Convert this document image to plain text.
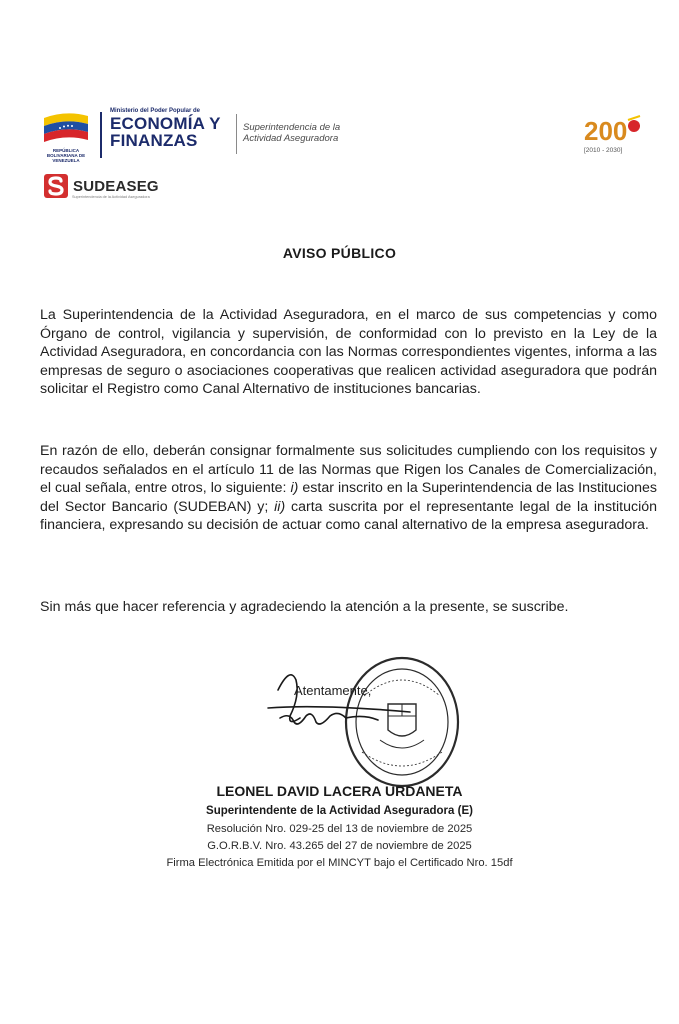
REPÚBLICA BOLIVARIANA DE VENEZUELA
Ministerio del Poder Popular de
ECONOMÍA Y
FINANZAS
Superintendencia de la
Actividad Aseguradora
SUDEASEG
Superintendencia de la Actividad Aseguradora
200
[2010 - 2030]
AVISO PÚBLICO

La Superintendencia de la Actividad Aseguradora, en el marco de sus competencias y como Órgano de control, vigilancia y supervisión, de conformidad con lo previsto en la Ley de la Actividad Aseguradora, en concordancia con las Normas correspondientes vigentes, informa a las empresas de seguro o asociaciones cooperativas que realicen actividad aseguradora que podrán solicitar el Registro como Canal Alternativo de instituciones bancarias.

En razón de ello, deberán consignar formalmente sus solicitudes cumpliendo con los requisitos y recaudos señalados en el artículo 11 de las Normas que Rigen los Canales de Comercialización, el cual señala, entre otros, lo siguiente: i) estar inscrito en la Superintendencia de las Instituciones del Sector Bancario (SUDEBAN) y; ii) carta suscrita por el representante legal de la institución financiera, expresando su decisión de actuar como canal alternativo de la empresa aseguradora.

Sin más que hacer referencia y agradeciendo la atención a la presente, se suscribe.

Atentamente,
LEONEL DAVID LACERA URDANETA
Superintendente de la Actividad Aseguradora (E)
Resolución Nro. 029-25 del 13 de noviembre de 2025
G.O.R.B.V. Nro. 43.265 del 27 de noviembre de 2025
Firma Electrónica Emitida por el MINCYT bajo el Certificado Nro. 15df
